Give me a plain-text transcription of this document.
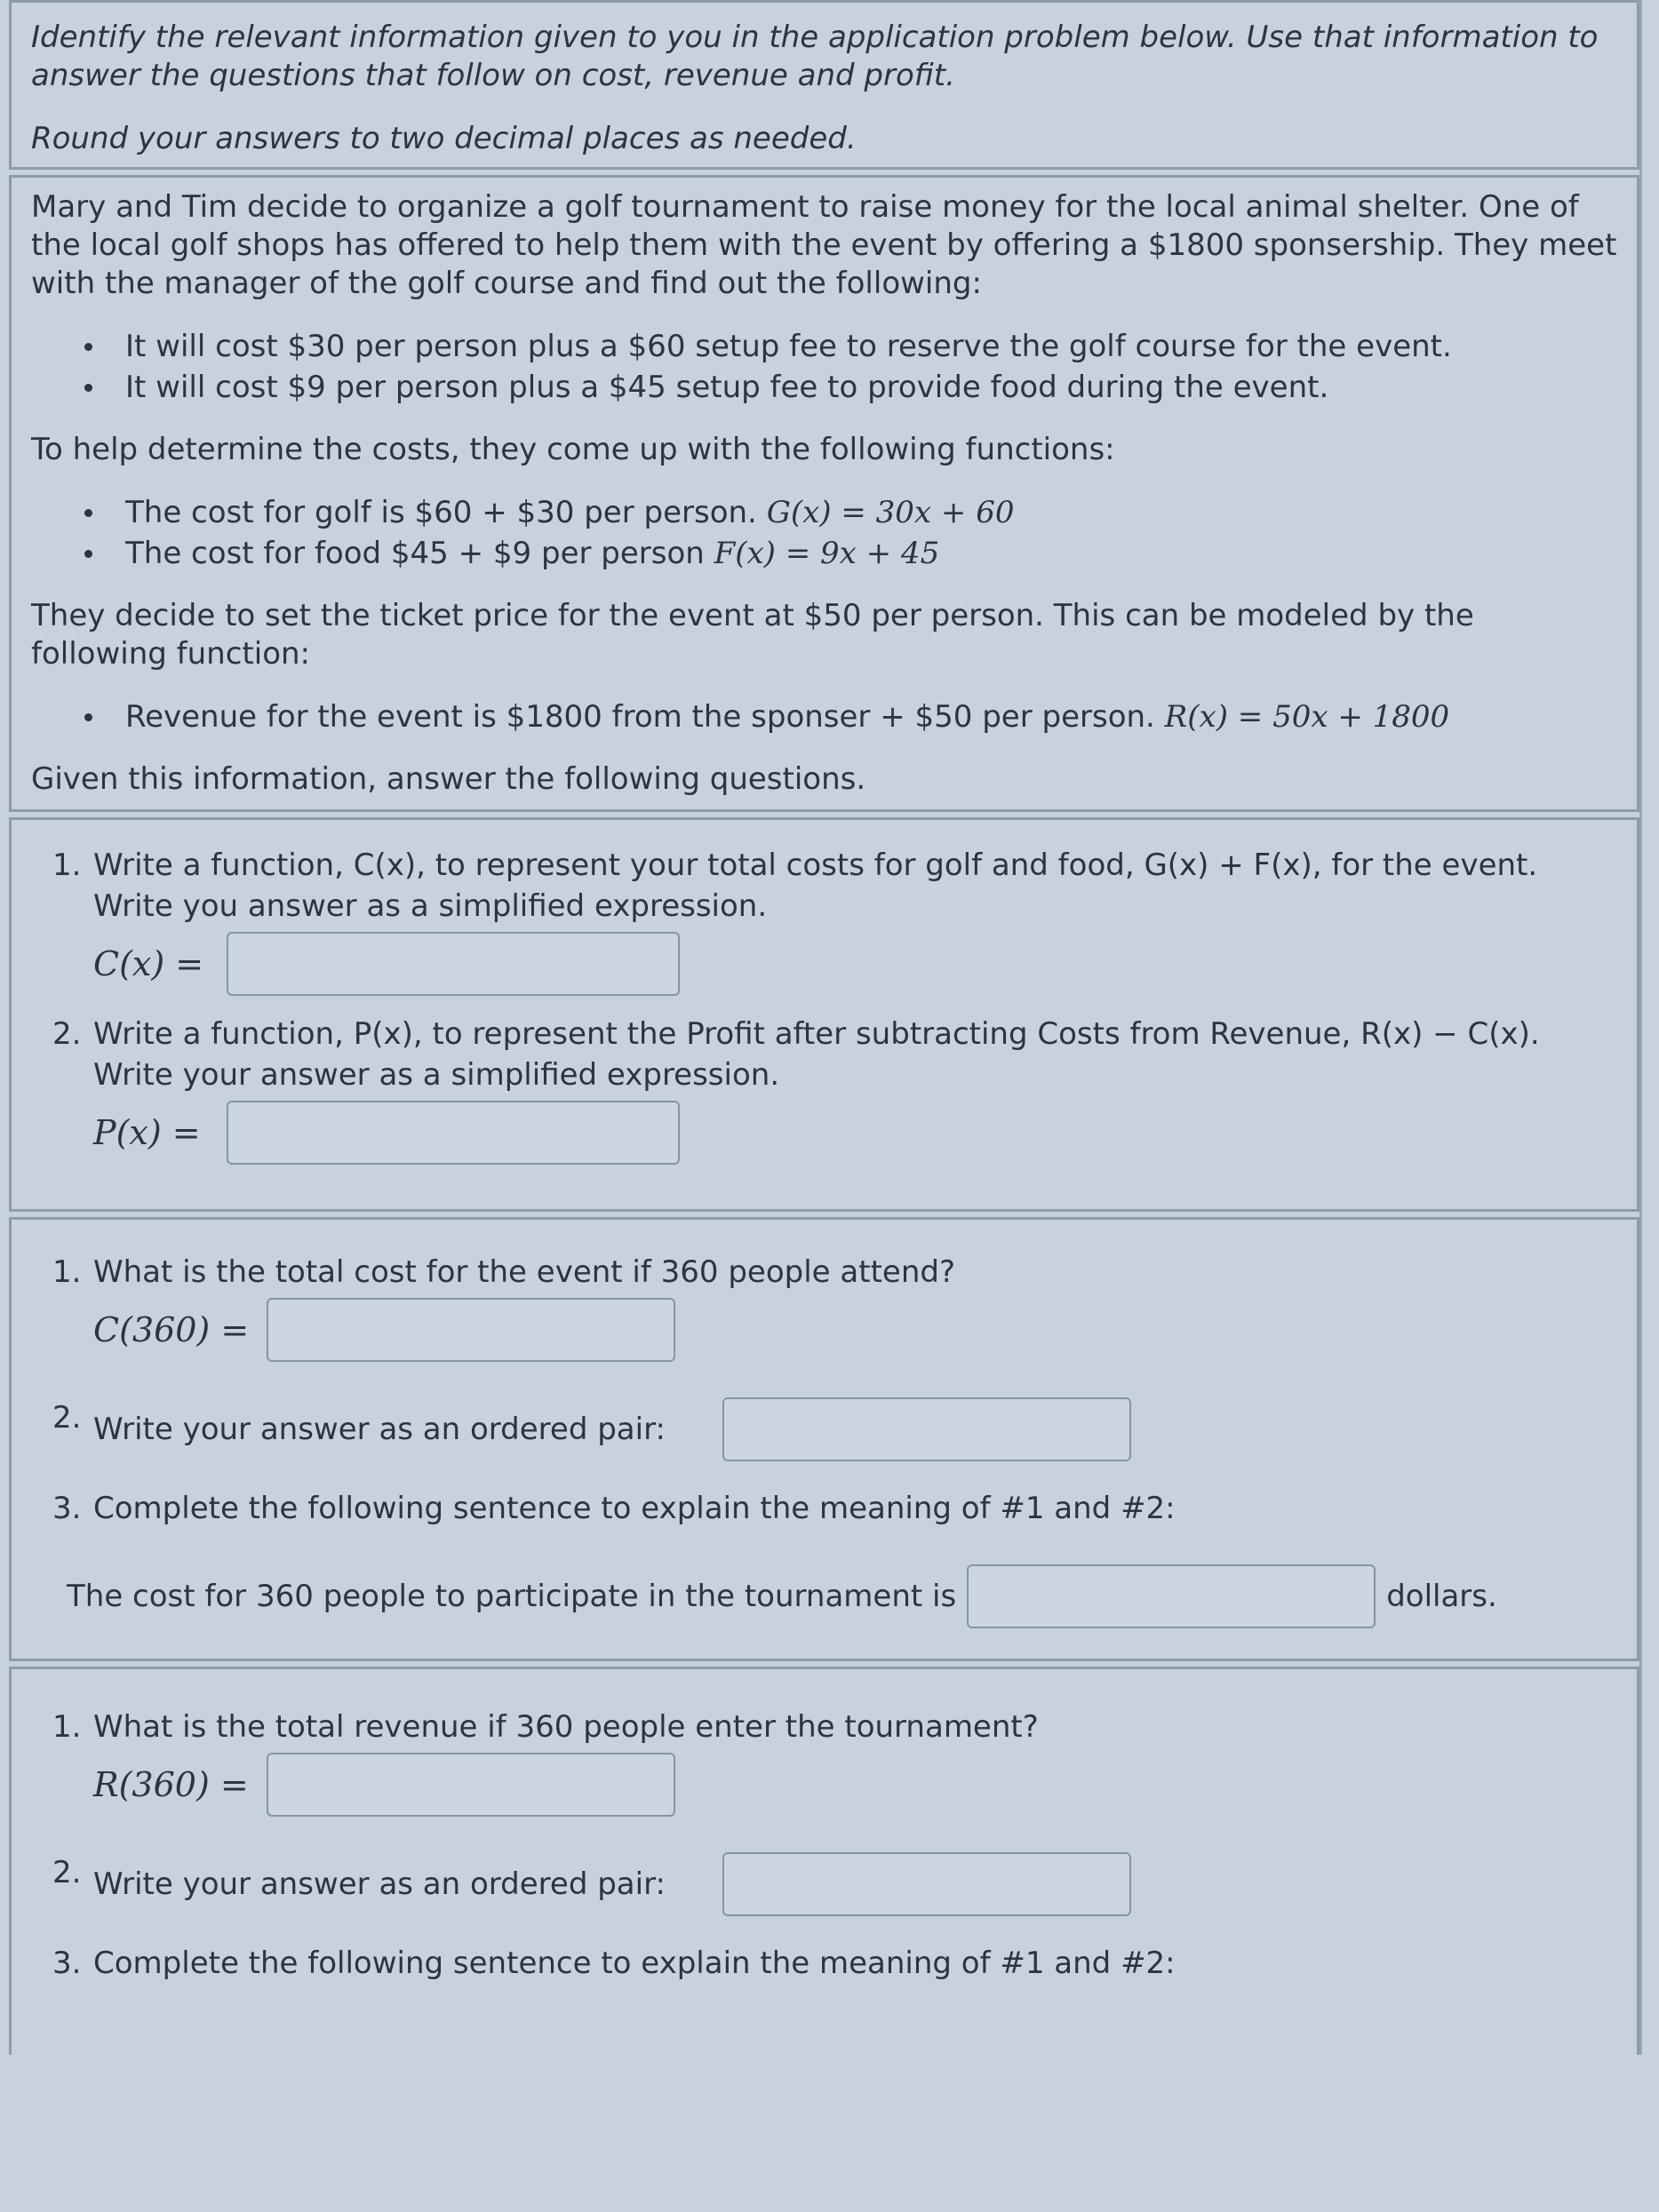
Identify the relevant information given to you in the application problem below. Use that information to answer the questions that follow on cost, revenue and profit.

Round your answers to two decimal places as needed.

Mary and Tim decide to organize a golf tournament to raise money for the local animal shelter. One of the local golf shops has offered to help them with the event by offering a $1800 sponsership. They meet with the manager of the golf course and find out the following:

It will cost $30 per person plus a $60 setup fee to reserve the golf course for the event.
It will cost $9 per person plus a $45 setup fee to provide food during the event.

To help determine the costs, they come up with the following functions:

The cost for golf is $60 + $30 per person. G(x) = 30x + 60
The cost for food $45 + $9 per person F(x) = 9x + 45

They decide to set the ticket price for the event at $50 per person. This can be modeled by the following function:

Revenue for the event is $1800 from the sponser + $50 per person. R(x) = 50x + 1800

Given this information, answer the following questions.

1. Write a function, C(x), to represent your total costs for golf and food, G(x) + F(x), for the event. Write you answer as a simplified expression.
C(x) =
2. Write a function, P(x), to represent the Profit after subtracting Costs from Revenue, R(x) − C(x). Write your answer as a simplified expression.
P(x) =
1. What is the total cost for the event if 360 people attend?
C(360) =
2. Write your answer as an ordered pair:
3. Complete the following sentence to explain the meaning of #1 and #2:
The cost for 360 people to participate in the tournament is	dollars.
1. What is the total revenue if 360 people enter the tournament?
R(360) =
2. Write your answer as an ordered pair:
3. Complete the following sentence to explain the meaning of #1 and #2:
